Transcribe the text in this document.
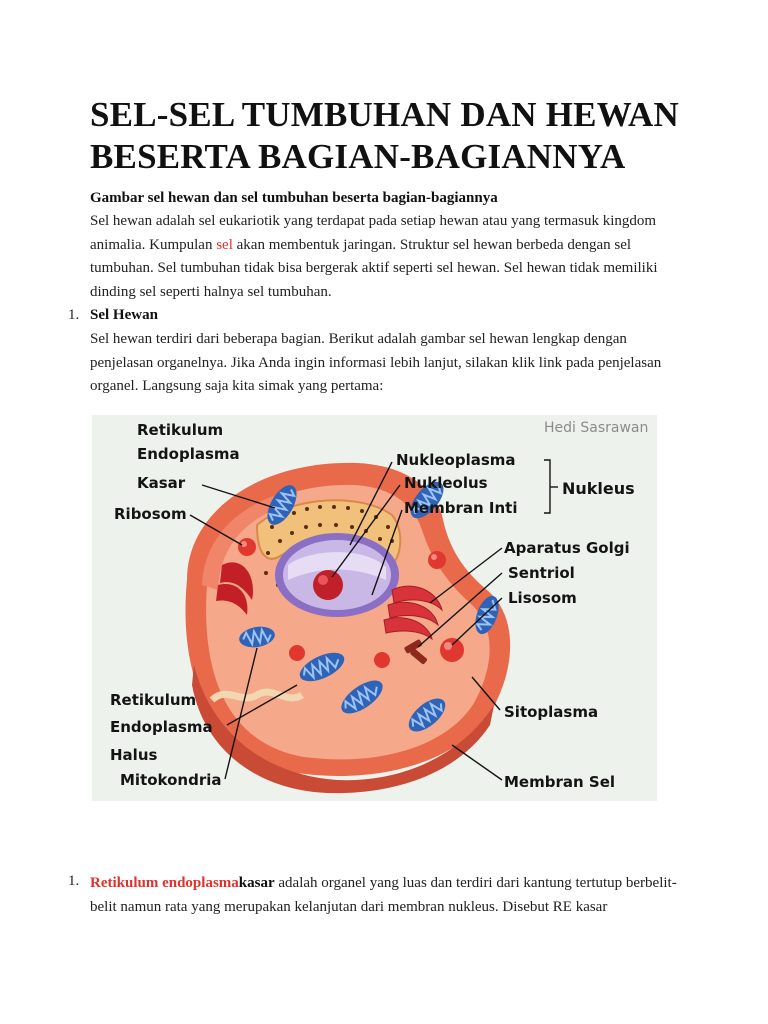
SEL-SEL TUMBUHAN DAN HEWAN BESERTA BAGIAN-BAGIANNYA
Gambar sel hewan dan sel tumbuhan beserta bagian-bagiannya

Sel hewan adalah sel eukariotik yang terdapat pada setiap hewan atau yang termasuk kingdom animalia. Kumpulan sel akan membentuk jaringan. Struktur sel hewan berbeda dengan sel tumbuhan. Sel tumbuhan tidak bisa bergerak aktif seperti sel hewan. Sel hewan tidak memiliki dinding sel seperti halnya sel tumbuhan.

1. Sel Hewan

Sel hewan terdiri dari beberapa bagian. Berikut adalah gambar sel hewan lengkap dengan penjelasan organelnya. Jika Anda ingin informasi lebih lanjut, silakan klik link pada penjelasan organel. Langsung saja kita simak yang pertama:

Hedi Sasrawan
Retikulum
Endoplasma
Kasar
Ribosom
Nukleoplasma
Nukleolus
Membran Inti
Nukleus
Aparatus Golgi
Sentriol
Lisosom
Retikulum
Endoplasma
Halus
Mitokondria
Sitoplasma
Membran Sel
1. Retikulum endoplasmakasar adalah organel yang luas dan terdiri dari kantung tertutup berbelit-belit namun rata yang merupakan kelanjutan dari membran nukleus. Disebut RE kasar
